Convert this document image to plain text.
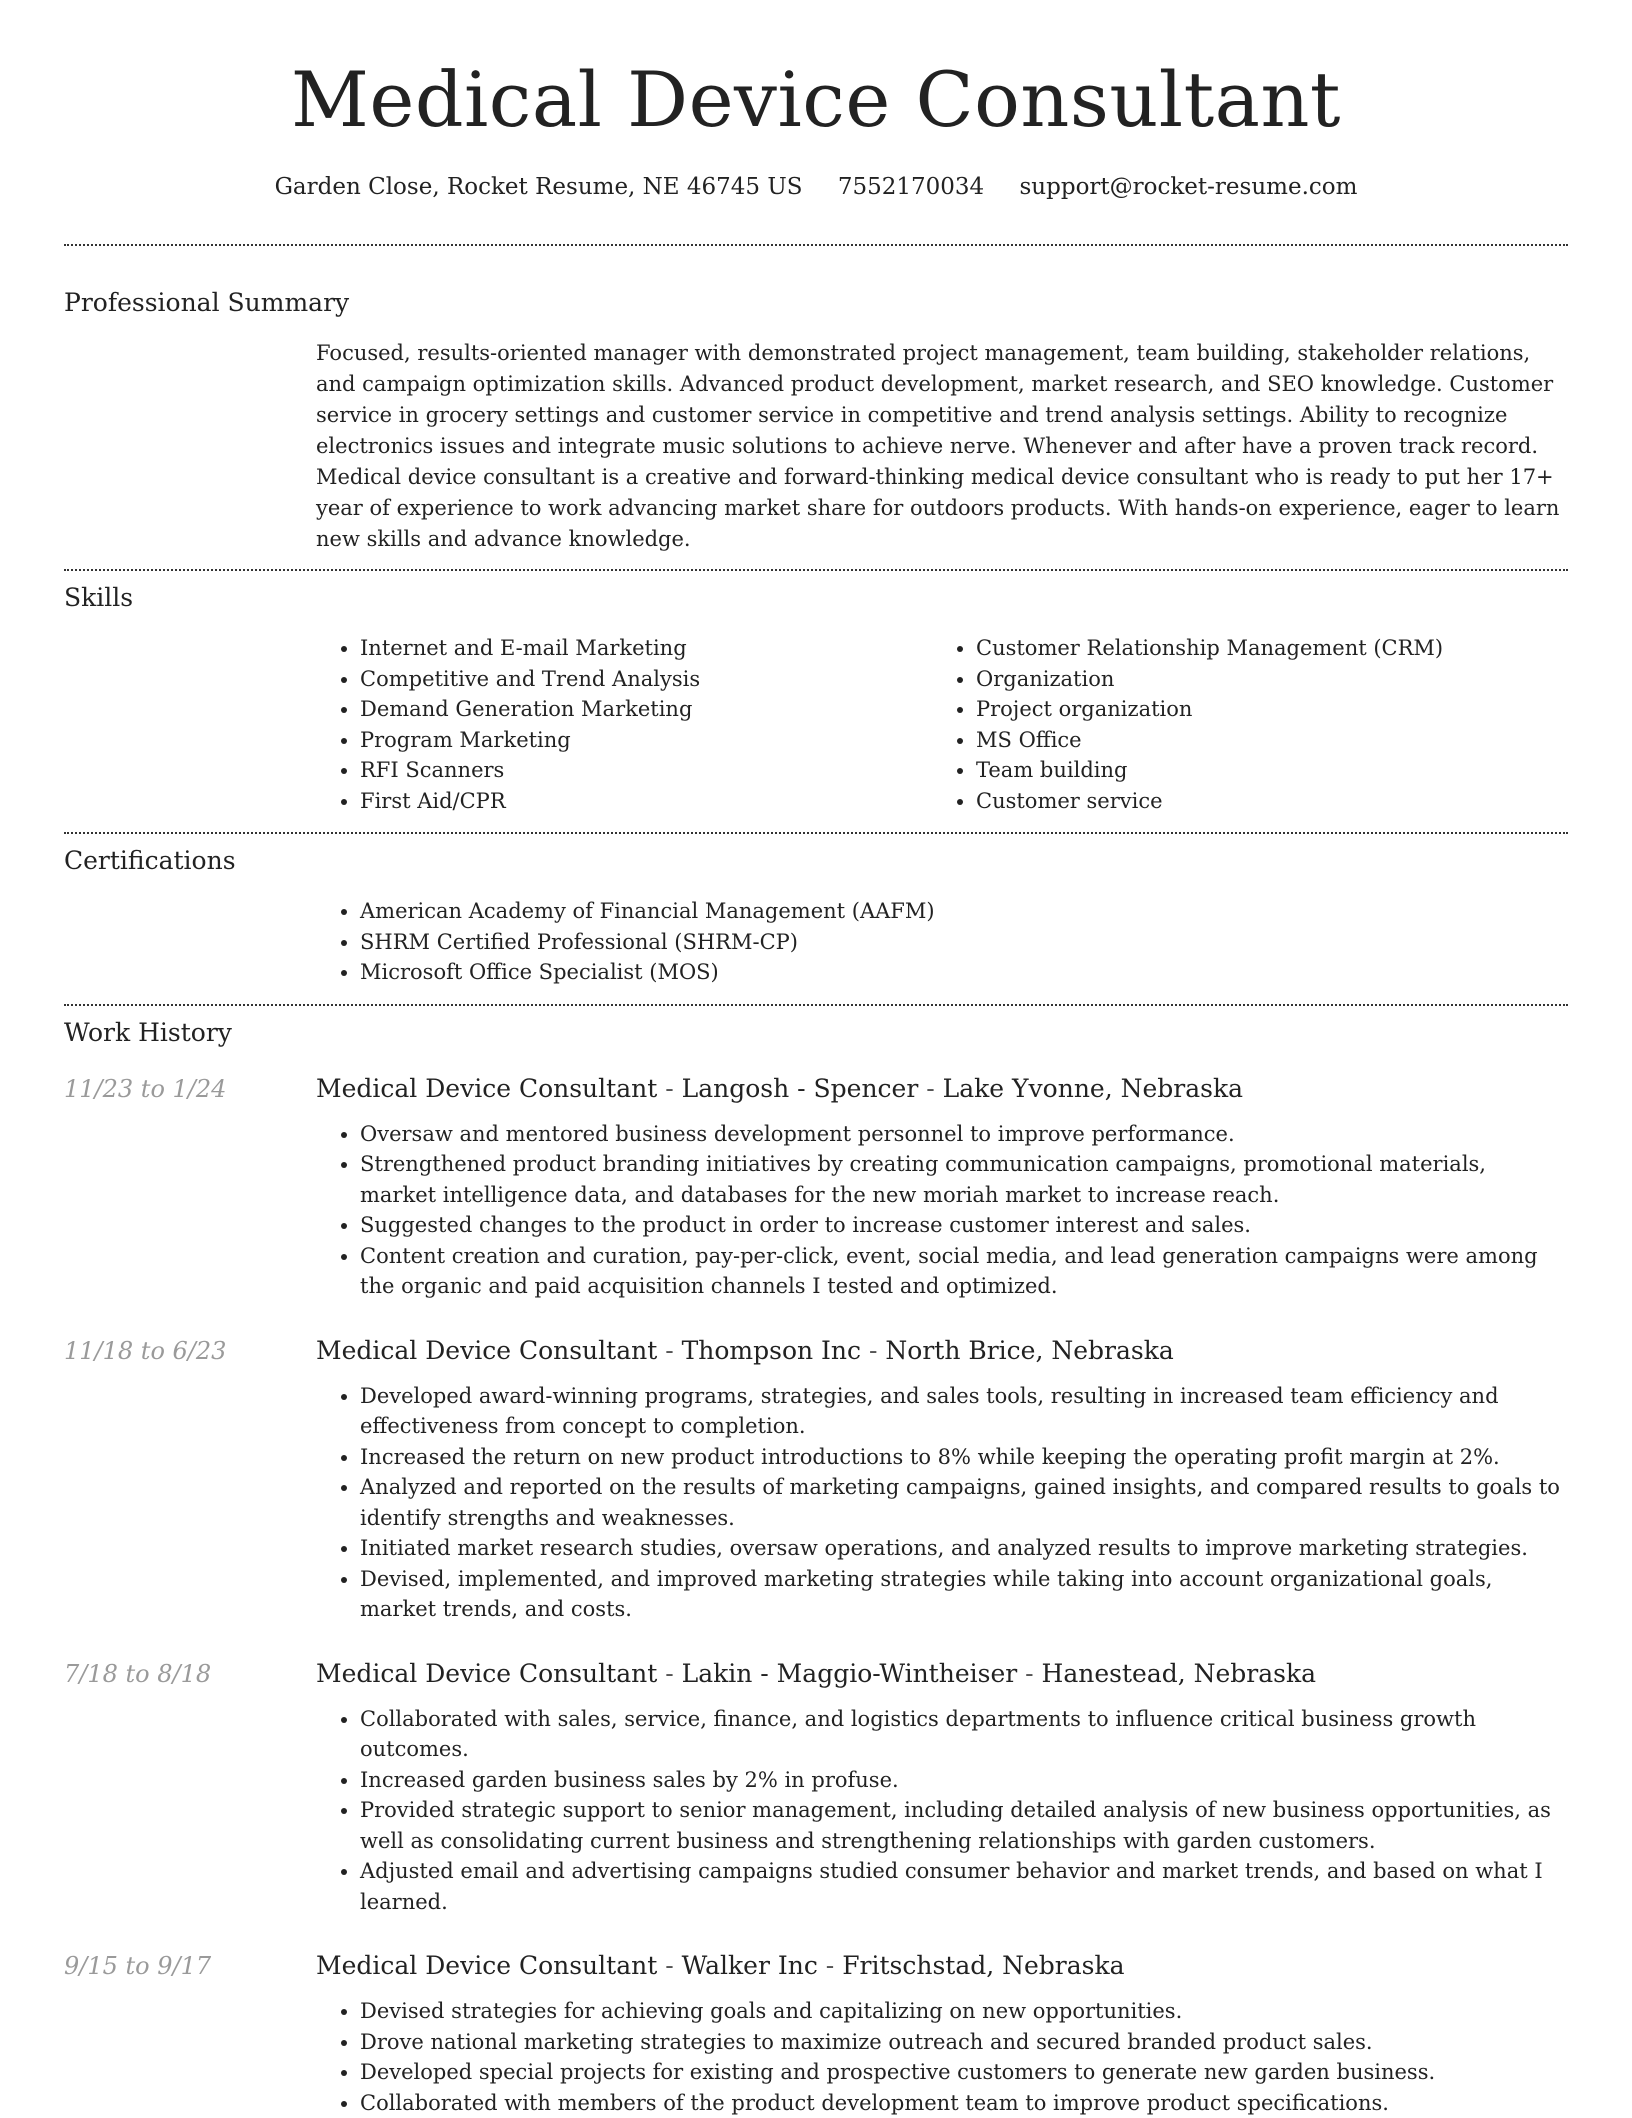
Medical Device Consultant
Garden Close, Rocket Resume, NE 46745 US 7552170034 support@rocket-resume.com
Professional Summary
Focused, results-oriented manager with demonstrated project management, team building, stakeholder relations, and campaign optimization skills. Advanced product development, market research, and SEO knowledge. Customer service in grocery settings and customer service in competitive and trend analysis settings. Ability to recognize electronics issues and integrate music solutions to achieve nerve. Whenever and after have a proven track record. Medical device consultant is a creative and forward-thinking medical device consultant who is ready to put her 17+ year of experience to work advancing market share for outdoors products. With hands-on experience, eager to learn new skills and advance knowledge.
Skills
• Internet and E-mail Marketing
• Competitive and Trend Analysis
• Demand Generation Marketing
• Program Marketing
• RFI Scanners
• First Aid/CPR
• Customer Relationship Management (CRM)
• Organization
• Project organization
• MS Office
• Team building
• Customer service
Certifications
• American Academy of Financial Management (AAFM)
• SHRM Certified Professional (SHRM-CP)
• Microsoft Office Specialist (MOS)
Work History
11/23 to 1/24	Medical Device Consultant - Langosh - Spencer - Lake Yvonne, Nebraska
• Oversaw and mentored business development personnel to improve performance.
• Strengthened product branding initiatives by creating communication campaigns, promotional materials, market intelligence data, and databases for the new moriah market to increase reach.
• Suggested changes to the product in order to increase customer interest and sales.
• Content creation and curation, pay-per-click, event, social media, and lead generation campaigns were among the organic and paid acquisition channels I tested and optimized.
11/18 to 6/23	Medical Device Consultant - Thompson Inc - North Brice, Nebraska
• Developed award-winning programs, strategies, and sales tools, resulting in increased team efficiency and effectiveness from concept to completion.
• Increased the return on new product introductions to 8% while keeping the operating profit margin at 2%.
• Analyzed and reported on the results of marketing campaigns, gained insights, and compared results to goals to identify strengths and weaknesses.
• Initiated market research studies, oversaw operations, and analyzed results to improve marketing strategies.
• Devised, implemented, and improved marketing strategies while taking into account organizational goals, market trends, and costs.
7/18 to 8/18	Medical Device Consultant - Lakin - Maggio-Wintheiser - Hanestead, Nebraska
• Collaborated with sales, service, finance, and logistics departments to influence critical business growth outcomes.
• Increased garden business sales by 2% in profuse.
• Provided strategic support to senior management, including detailed analysis of new business opportunities, as well as consolidating current business and strengthening relationships with garden customers.
• Adjusted email and advertising campaigns studied consumer behavior and market trends, and based on what I learned.
9/15 to 9/17	Medical Device Consultant - Walker Inc - Fritschstad, Nebraska
• Devised strategies for achieving goals and capitalizing on new opportunities.
• Drove national marketing strategies to maximize outreach and secured branded product sales.
• Developed special projects for existing and prospective customers to generate new garden business.
• Collaborated with members of the product development team to improve product specifications.
